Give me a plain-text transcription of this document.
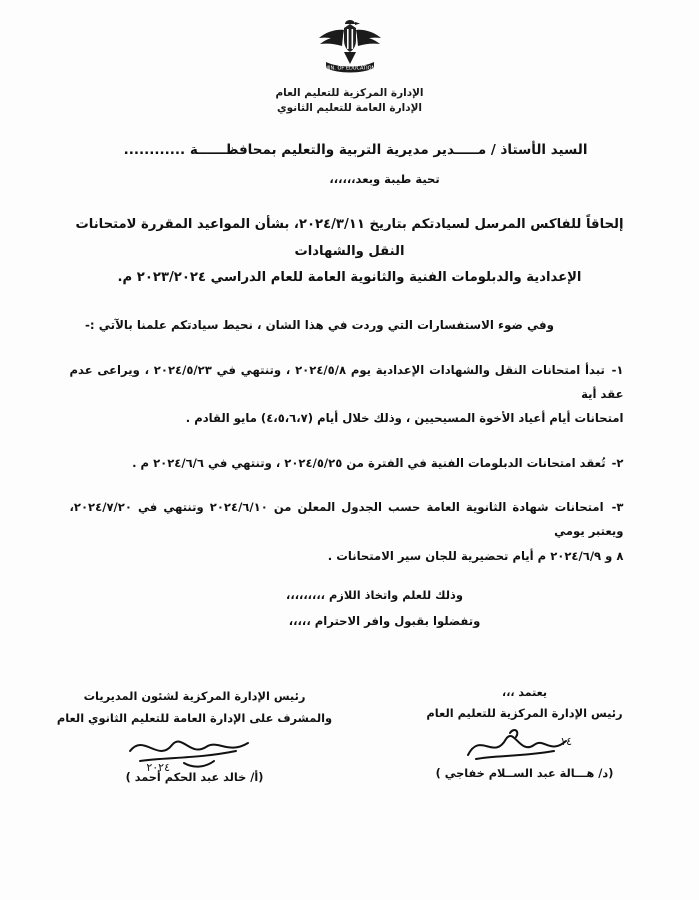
MIN. OF EDUCATION
الإدارة المركزية للتعليم العام
الإدارة العامة للتعليم الثانوي
السيد الأستاذ / مـــــدير مديرية التربية والتعليم بمحافظــــــة ............
تحية طيبة وبعد،،،،،،
إلحاقاً للفاكس المرسل لسيادتكم بتاريخ ٢٠٢٤/٣/١١، بشأن المواعيد المقررة لامتحانات النقل والشهادات
الإعدادية والدبلومات الفنية والثانوية العامة للعام الدراسي ٢٠٢٣/٢٠٢٤ م.
وفي ضوء الاستفسارات التي وردت في هذا الشان ، نحيط سيادتكم علمنا بالآتي :-
١- تبدأ امتحانات النقل والشهادات الإعدادية يوم ٢٠٢٤/٥/٨ ، وتنتهي في ٢٠٢٤/٥/٢٣ ، ويراعى عدم عقد أية
امتحانات أيام أعياد الأخوة المسيحيين ، وذلك خلال أيام (٤،٥،٦،٧) مايو القادم .
٢- تُعقد امتحانات الدبلومات الفنية في الفترة من ٢٠٢٤/٥/٢٥ ، وتنتهي في ٢٠٢٤/٦/٦ م .
٣- امتحانات شهادة الثانوية العامة حسب الجدول المعلن من ٢٠٢٤/٦/١٠ وتنتهي في ٢٠٢٤/٧/٢٠، ويعتبر يومي
٨ و ٢٠٢٤/٦/٩ م أيام تحضيرية للجان سير الامتحانات .
وذلك للعلم واتخاذ اللازم ،،،،،،،،،
وتفضلوا بقبول وافر الاحترام ،،،،،
يعتمد ،،،
رئيس الإدارة المركزية للتعليم العام
١٤
(د/ هـــالة عبد الســلام خفاجي )
رئيس الإدارة المركزية لشئون المديريات
والمشرف على الإدارة العامة للتعليم الثانوي العام
٢٠٢٤
(أ/ خالد عبد الحكم أحمد )
